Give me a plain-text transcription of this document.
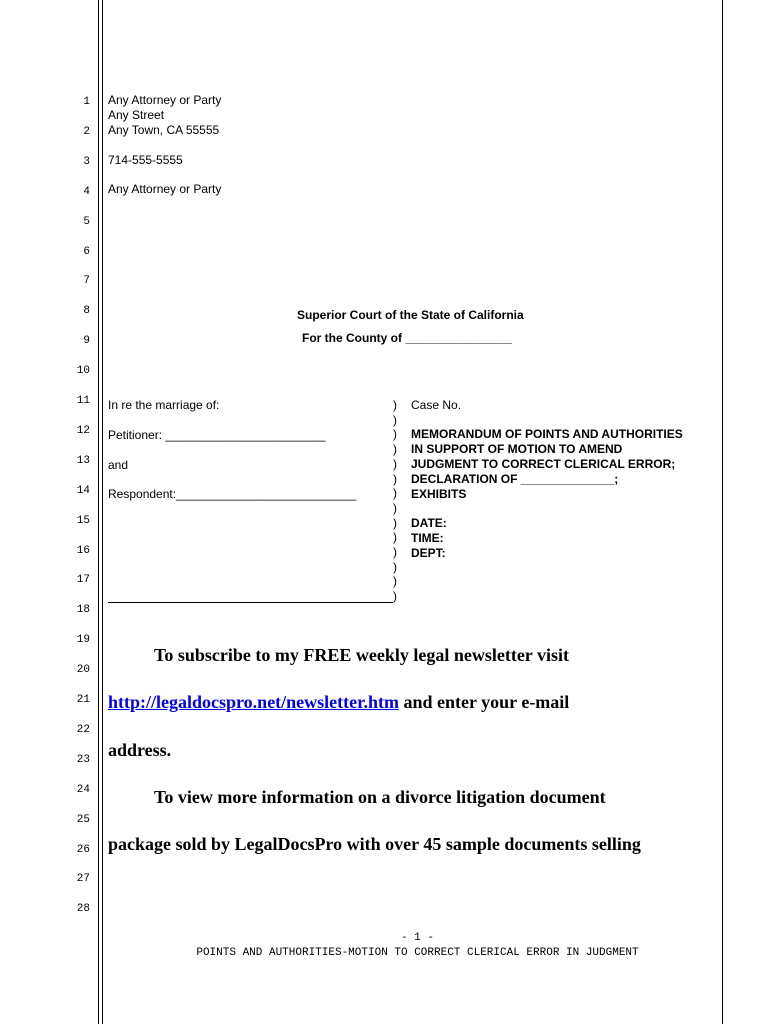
1
2
3
4
5
6
7
8
9
10
11
12
13
14
15
16
17
18
19
20
21
22
23
24
25
26
27
28
Any Attorney or Party
Any Street
Any Town, CA 55555
714-555-5555
Any Attorney or Party
Superior Court of the State of California
For the County of ________________
In re the marriage of:
Petitioner: ________________________
and
Respondent:___________________________
)
)
)
)
)
)
)
)
)
)
)
)
)
)
Case No.
MEMORANDUM OF POINTS AND AUTHORITIES
IN SUPPORT OF MOTION TO AMEND
JUDGMENT TO CORRECT CLERICAL ERROR;
DECLARATION OF ______________;
EXHIBITS
DATE:
TIME:
DEPT:
To subscribe to my FREE weekly legal newsletter visit
http://legaldocspro.net/newsletter.htm and enter your e-mail
address.
To view more information on a divorce litigation document
package sold by LegalDocsPro with over 45 sample documents selling
- 1 -
POINTS AND AUTHORITIES-MOTION TO CORRECT CLERICAL ERROR IN JUDGMENT
